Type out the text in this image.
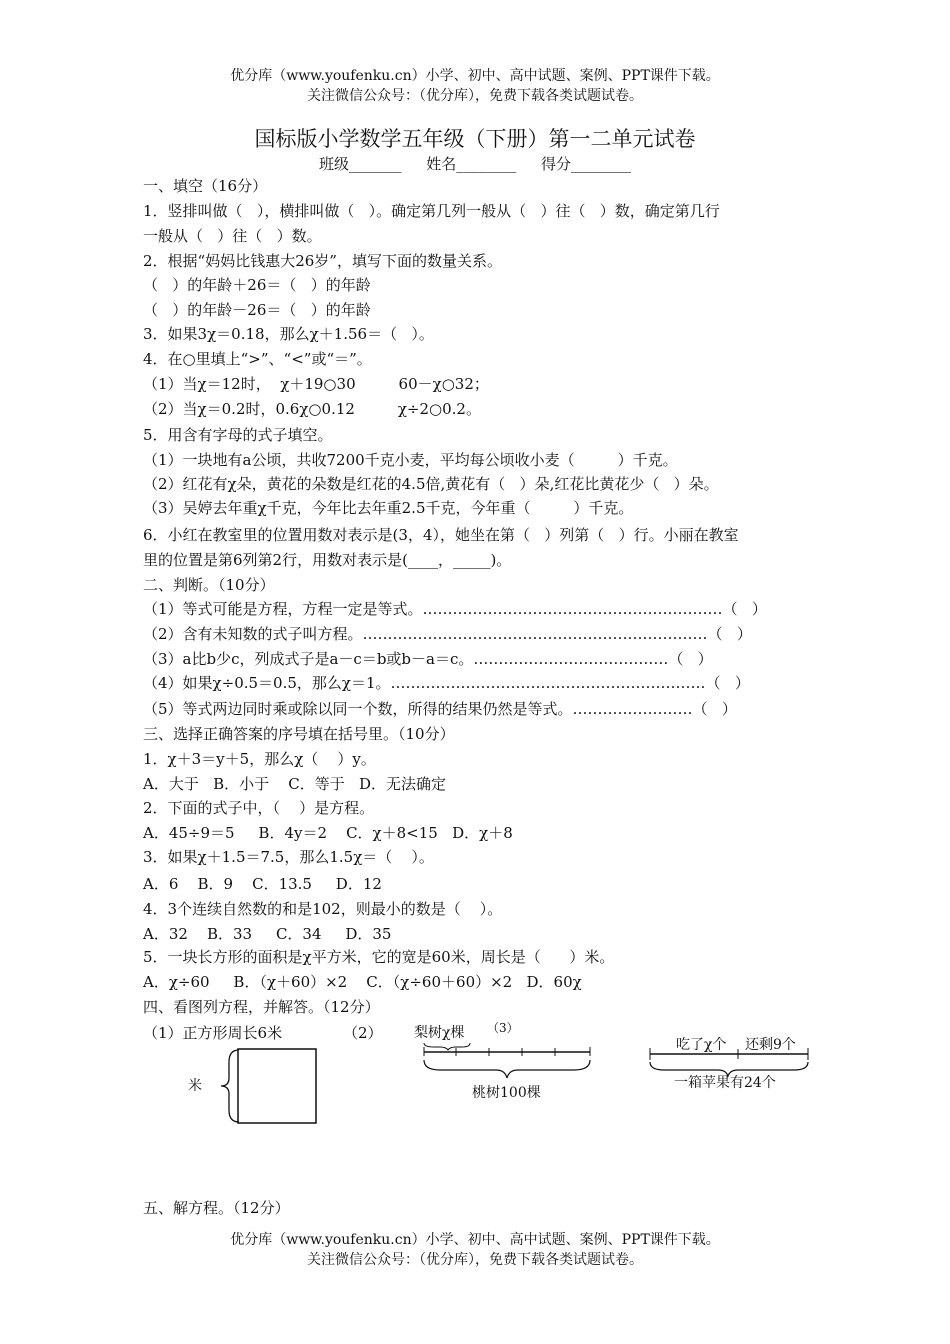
优分库（www.youfenku.cn）小学、初中、高中试题、案例、PPT课件下载。
关注微信公众号：（优分库），免费下载各类试题试卷。
国标版小学数学五年级（下册）第一二单元试卷
班级_______ 姓名________ 得分________
一、填空（16分）
1．竖排叫做（   ），横排叫做（   ）。确定第几列一般从（   ）往（   ）数，确定第几行
一般从（   ）往（   ）数。
2．根据“妈妈比钱惠大26岁”，填写下面的数量关系。
（   ）的年龄＋26＝（   ）的年龄
（   ）的年龄－26＝（   ）的年龄
3．如果3χ＝0.18，那么χ＋1.56＝（   ）。
4．在○里填上“>”、“<”或“＝”。
（1）当χ＝12时，  χ＋19○30         60－χ○32；
（2）当χ＝0.2时，0.6χ○0.12         χ÷2○0.2。
5．用含有字母的式子填空。
（1）一块地有a公顷，共收7200千克小麦，平均每公顷收小麦（         ）千克。
（2）红花有χ朵，黄花的朵数是红花的4.5倍,黄花有（   ）朵,红花比黄花少（   ）朵。
（3）吴婷去年重χ千克，今年比去年重2.5千克，今年重（         ）千克。
6．小红在教室里的位置用数对表示是(3，4），她坐在第（   ）列第（   ）行。小丽在教室
里的位置是第6列第2行，用数对表示是(____，_____)。
二、判断。（10分）
（1）等式可能是方程，方程一定是等式。……………………………………………………（   ）
（2）含有未知数的式子叫方程。……………………………………………………………（   ）
（3）a比b少c，列成式子是a－c＝b或b－a＝c。…………………………………（   ）
（4）如果χ÷0.5＝0.5，那么χ＝1。………………………………………………………（   ）
（5）等式两边同时乘或除以同一个数，所得的结果仍然是等式。……………………（   ）
三、选择正确答案的序号填在括号里。（10分）
1．χ＋3＝y＋5，那么χ（    ）y。
A．大于   B．小于    C．等于   D．无法确定
2．下面的式子中，（    ）是方程。
A．45÷9＝5     B．4y＝2    C．χ＋8<15   D．χ＋8
3．如果χ＋1.5＝7.5，那么1.5χ＝（    ）。
A．6    B．9    C．13.5     D．12
4．3个连续自然数的和是102，则最小的数是（    ）。
A．32    B．33     C．34     D．35
5．一块长方形的面积是χ平方米，它的宽是60米，周长是（      ）米。
A．χ÷60     B．（χ＋60）×2    C．（χ÷60＋60）×2   D．60χ
四、看图列方程，并解答。（12分）
（1）正方形周长6米	（2）
米
梨树χ棵 （3）
桃树100棵
吃了χ个 还剩9个
一箱苹果有24个
五、解方程。（12分）
优分库（www.youfenku.cn）小学、初中、高中试题、案例、PPT课件下载。
关注微信公众号：（优分库），免费下载各类试题试卷。
